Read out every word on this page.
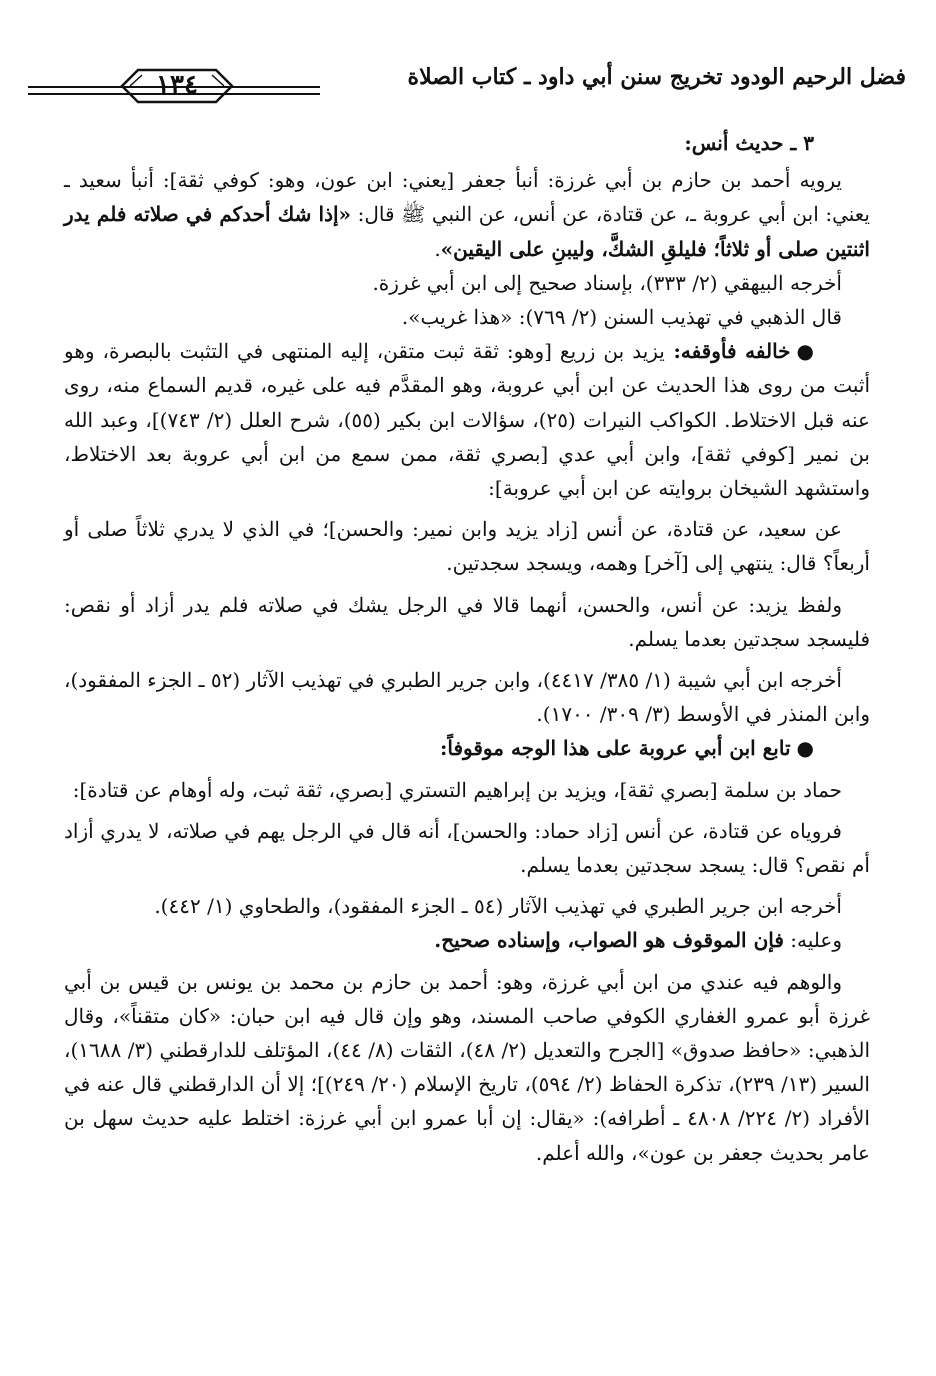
فضل الرحيم الودود تخريج سنن أبي داود ـ كتاب الصلاة
١٣٤

٣ ـ حديث أنس:

يرويه أحمد بن حازم بن أبي غرزة: أنبأ جعفر [يعني: ابن عون، وهو: كوفي ثقة]: أنبأ سعيد ـ يعني: ابن أبي عروبة ـ، عن قتادة، عن أنس، عن النبي ﷺ قال: «إذا شك أحدكم في صلاته فلم يدر اثنتين صلى أو ثلاثاً؛ فليلقِ الشكَّ، وليبنِ على اليقين».

أخرجه البيهقي (٢/ ٣٣٣)، بإسناد صحيح إلى ابن أبي غرزة.

قال الذهبي في تهذيب السنن (٢/ ٧٦٩): «هذا غريب».

●خالفه فأوقفه: يزيد بن زريع [وهو: ثقة ثبت متقن، إليه المنتهى في التثبت بالبصرة، وهو أثبت من روى هذا الحديث عن ابن أبي عروبة، وهو المقدَّم فيه على غيره، قديم السماع منه، روى عنه قبل الاختلاط. الكواكب النيرات (٢٥)، سؤالات ابن بكير (٥٥)، شرح العلل (٢/ ٧٤٣)]، وعبد الله بن نمير [كوفي ثقة]، وابن أبي عدي [بصري ثقة، ممن سمع من ابن أبي عروبة بعد الاختلاط، واستشهد الشيخان بروايته عن ابن أبي عروبة]:

عن سعيد، عن قتادة، عن أنس [زاد يزيد وابن نمير: والحسن]؛ في الذي لا يدري ثلاثاً صلى أو أربعاً؟ قال: ينتهي إلى [آخر] وهمه، ويسجد سجدتين.

ولفظ يزيد: عن أنس، والحسن، أنهما قالا في الرجل يشك في صلاته فلم يدر أزاد أو نقص: فليسجد سجدتين بعدما يسلم.

أخرجه ابن أبي شيبة (١/ ٣٨٥/ ٤٤١٧)، وابن جرير الطبري في تهذيب الآثار (٥٢ ـ الجزء المفقود)، وابن المنذر في الأوسط (٣/ ٣٠٩/ ١٧٠٠).

●تابع ابن أبي عروبة على هذا الوجه موقوفاً:

حماد بن سلمة [بصري ثقة]، ويزيد بن إبراهيم التستري [بصري، ثقة ثبت، وله أوهام عن قتادة]:

فروياه عن قتادة، عن أنس [زاد حماد: والحسن]، أنه قال في الرجل يهم في صلاته، لا يدري أزاد أم نقص؟ قال: يسجد سجدتين بعدما يسلم.

أخرجه ابن جرير الطبري في تهذيب الآثار (٥٤ ـ الجزء المفقود)، والطحاوي (١/ ٤٤٢).

وعليه: فإن الموقوف هو الصواب، وإسناده صحيح.

والوهم فيه عندي من ابن أبي غرزة، وهو: أحمد بن حازم بن محمد بن يونس بن قيس بن أبي غرزة أبو عمرو الغفاري الكوفي صاحب المسند، وهو وإن قال فيه ابن حبان: «كان متقناً»، وقال الذهبي: «حافظ صدوق» [الجرح والتعديل (٢/ ٤٨)، الثقات (٨/ ٤٤)، المؤتلف للدارقطني (٣/ ١٦٨٨)، السير (١٣/ ٢٣٩)، تذكرة الحفاظ (٢/ ٥٩٤)، تاريخ الإسلام (٢٠/ ٢٤٩)]؛ إلا أن الدارقطني قال عنه في الأفراد (٢/ ٢٢٤/ ٤٨٠٨ ـ أطرافه): «يقال: إن أبا عمرو ابن أبي غرزة: اختلط عليه حديث سهل بن عامر بحديث جعفر بن عون»، والله أعلم.
